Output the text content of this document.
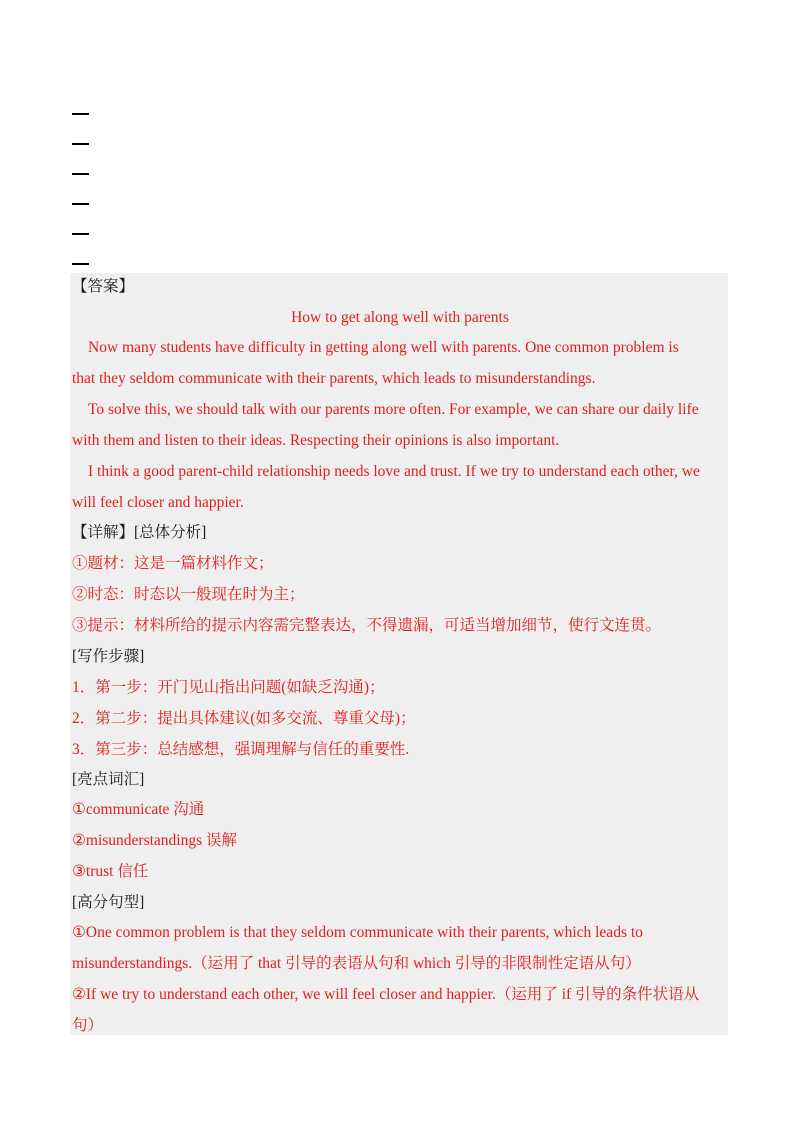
【答案】
How to get along well with parents
Now many students have difficulty in getting along well with parents. One common problem is
that they seldom communicate with their parents, which leads to misunderstandings.
To solve this, we should talk with our parents more often. For example, we can share our daily life
with them and listen to their ideas. Respecting their opinions is also important.
I think a good parent-child relationship needs love and trust. If we try to understand each other, we
will feel closer and happier.
【详解】[总体分析]
①题材：这是一篇材料作文；
②时态：时态以一般现在时为主；
③提示：材料所给的提示内容需完整表达，不得遗漏，可适当增加细节，使行文连贯。
[写作步骤]
1．第一步：开门见山指出问题(如缺乏沟通)；
2．第二步：提出具体建议(如多交流、尊重父母)；
3．第三步：总结感想，强调理解与信任的重要性.
[亮点词汇]
①communicate 沟通
②misunderstandings 误解
③trust 信任
[高分句型]
①One common problem is that they seldom communicate with their parents, which leads to
misunderstandings.（运用了 that 引导的表语从句和 which 引导的非限制性定语从句）
②If we try to understand each other, we will feel closer and happier.（运用了 if 引导的条件状语从
句）
